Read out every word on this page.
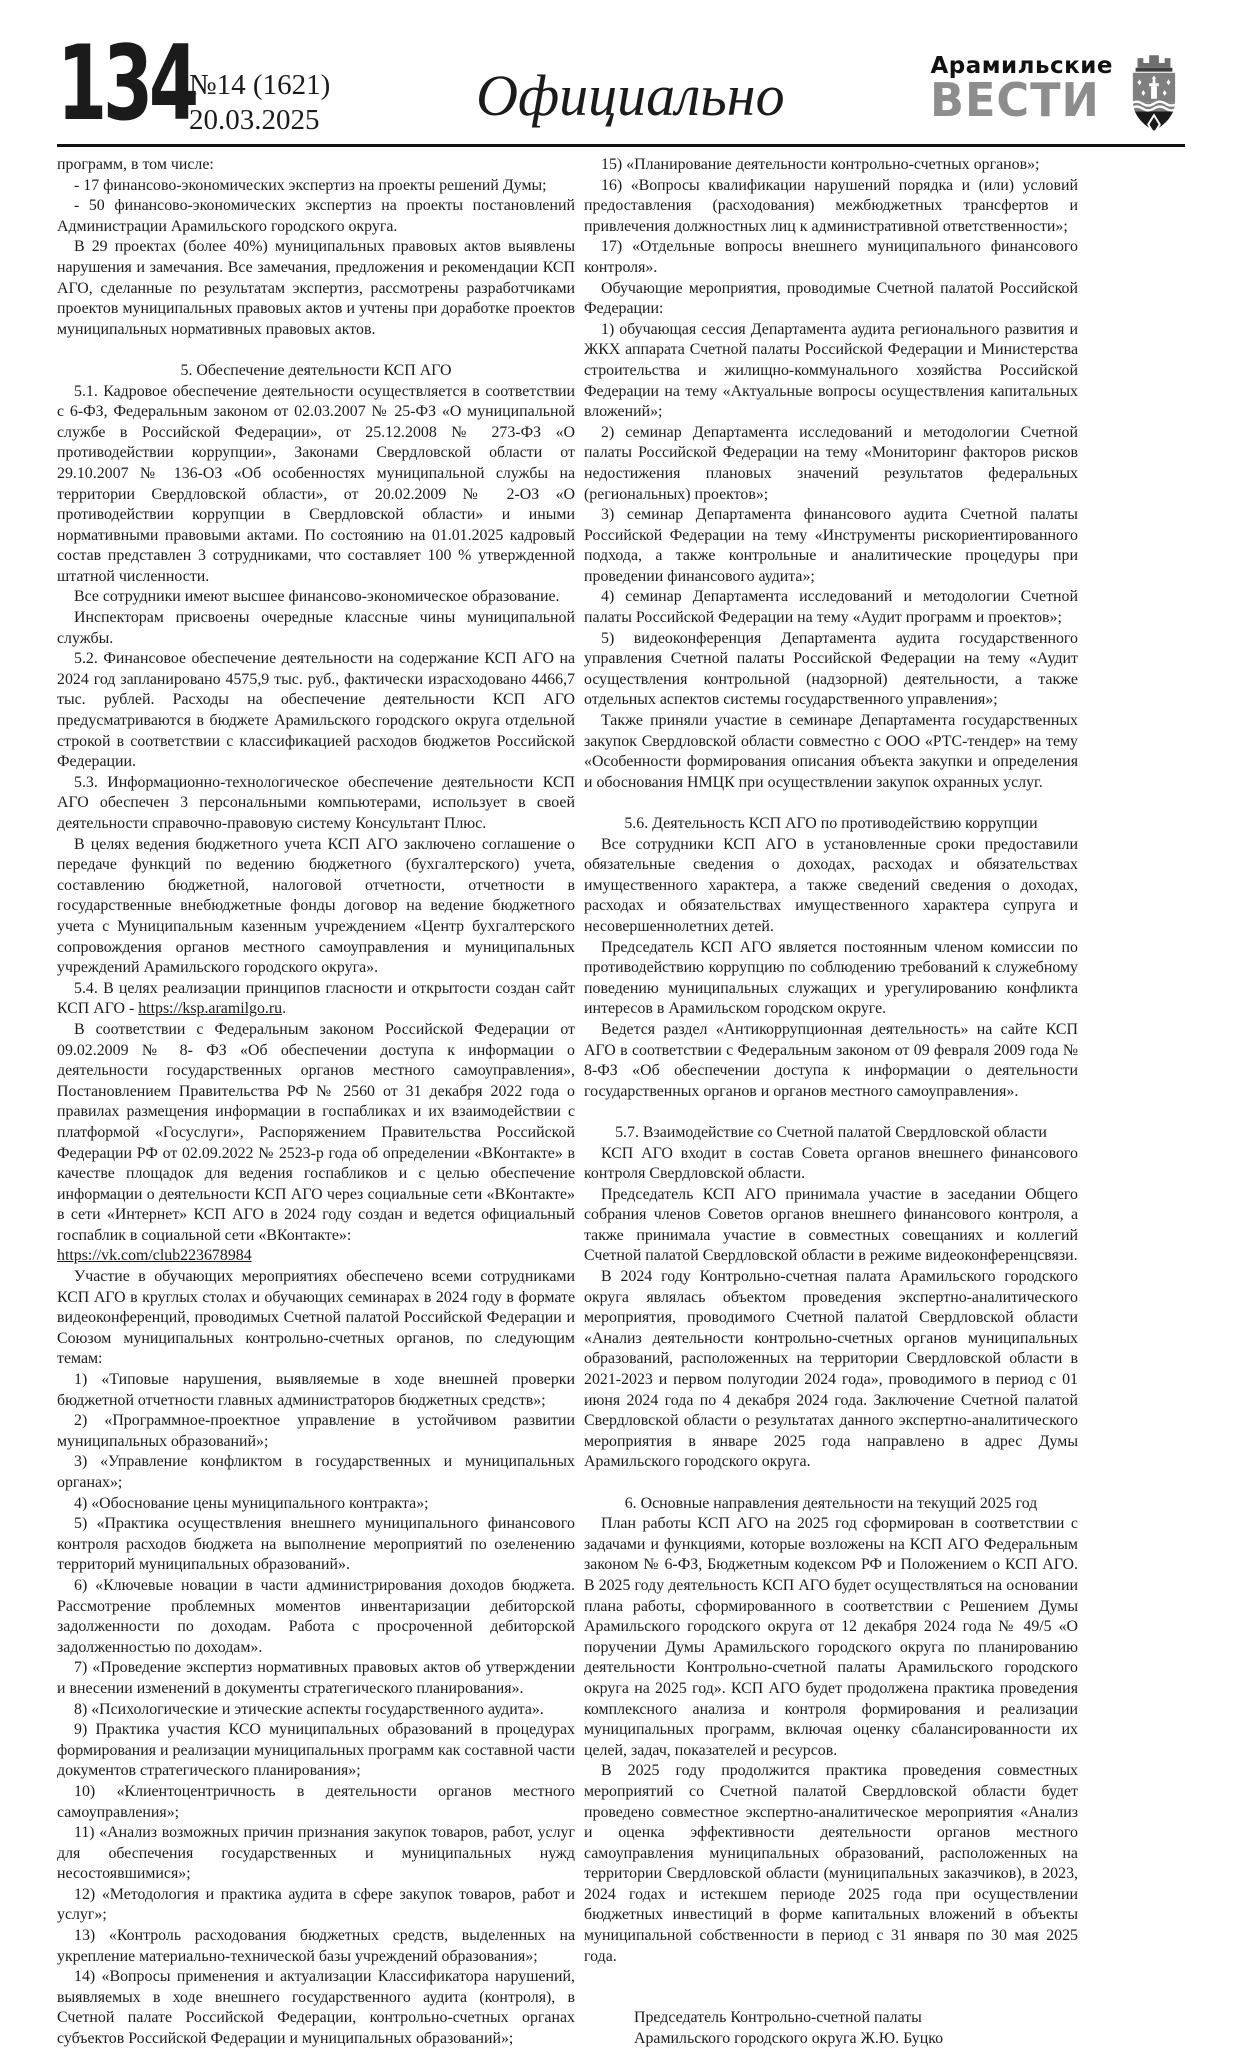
134
№14 (1621)
20.03.2025	Официально	Арамильские
ВЕСТИ

программ, в том числе:

- 17 финансово-экономических экспертиз на проекты решений Думы;

- 50 финансово-экономических экспертиз на проекты постановлений Администрации Арамильского городского округа.

В 29 проектах (более 40%) муниципальных правовых актов выявлены нарушения и замечания. Все замечания, предложения и рекомендации КСП АГО, сделанные по результатам экспертиз, рассмотрены разработчиками проектов муниципальных правовых актов и учтены при доработке проектов муниципальных нормативных правовых актов.

5. Обеспечение деятельности КСП АГО

5.1. Кадровое обеспечение деятельности осуществляется в соответствии с 6-ФЗ, Федеральным законом от 02.03.2007 № 25-ФЗ «О муниципальной службе в Российской Федерации», от 25.12.2008 № 273-ФЗ «О противодействии коррупции», Законами Свердловской области от 29.10.2007 № 136-ОЗ «Об особенностях муниципальной службы на территории Свердловской области», от 20.02.2009 № 2-ОЗ «О противодействии коррупции в Свердловской области» и иными нормативными правовыми актами. По состоянию на 01.01.2025 кадровый состав представлен 3 сотрудниками, что составляет 100 % утвержденной штатной численности.

Все сотрудники имеют высшее финансово-экономическое образование.

Инспекторам присвоены очередные классные чины муниципальной службы.

5.2. Финансовое обеспечение деятельности на содержание КСП АГО на 2024 год запланировано 4575,9 тыс. руб., фактически израсходовано 4466,7 тыс. рублей. Расходы на обеспечение деятельности КСП АГО предусматриваются в бюджете Арамильского городского округа отдельной строкой в соответствии с классификацией расходов бюджетов Российской Федерации.

5.3. Информационно-технологическое обеспечение деятельности КСП АГО обеспечен 3 персональными компьютерами, использует в своей деятельности справочно-правовую систему Консультант Плюс.

В целях ведения бюджетного учета КСП АГО заключено соглашение о передаче функций по ведению бюджетного (бухгалтерского) учета, составлению бюджетной, налоговой отчетности, отчетности в государственные внебюджетные фонды договор на ведение бюджетного учета с Муниципальным казенным учреждением «Центр бухгалтерского сопровождения органов местного самоуправления и муниципальных учреждений Арамильского городского округа».

5.4. В целях реализации принципов гласности и открытости создан сайт КСП АГО - https://ksp.aramilgo.ru.

В соответствии с Федеральным законом Российской Федерации от 09.02.2009 № 8- ФЗ «Об обеспечении доступа к информации о деятельности государственных органов местного самоуправления», Постановлением Правительства РФ № 2560 от 31 декабря 2022 года о правилах размещения информации в госпабликах и их взаимодействии с платформой «Госуслуги», Распоряжением Правительства Российской Федерации РФ от 02.09.2022 № 2523-р года об определении «ВКонтакте» в качестве площадок для ведения госпабликов и с целью обеспечение информации о деятельности КСП АГО через социальные сети «ВКонтакте» в сети «Интернет» КСП АГО в 2024 году создан и ведется официальный госпаблик в социальной сети «ВКонтакте»:

https://vk.com/club223678984

Участие в обучающих мероприятиях обеспечено всеми сотрудниками КСП АГО в круглых столах и обучающих семинарах в 2024 году в формате видеоконференций, проводимых Счетной палатой Российской Федерации и Союзом муниципальных контрольно-счетных органов, по следующим темам:

1) «Типовые нарушения, выявляемые в ходе внешней проверки бюджетной отчетности главных администраторов бюджетных средств»;

2) «Программное-проектное управление в устойчивом развитии муниципальных образований»;

3) «Управление конфликтом в государственных и муниципальных органах»;

4) «Обоснование цены муниципального контракта»;

5) «Практика осуществления внешнего муниципального финансового контроля расходов бюджета на выполнение мероприятий по озеленению территорий муниципальных образований».

6) «Ключевые новации в части администрирования доходов бюджета. Рассмотрение проблемных моментов инвентаризации дебиторской задолженности по доходам. Работа с просроченной дебиторской задолженностью по доходам».

7) «Проведение экспертиз нормативных правовых актов об утверждении и внесении изменений в документы стратегического планирования».

8) «Психологические и этические аспекты государственного аудита».

9) Практика участия КСО муниципальных образований в процедурах формирования и реализации муниципальных программ как составной части документов стратегического планирования»;

10) «Клиентоцентричность в деятельности органов местного самоуправления»;

11) «Анализ возможных причин признания закупок товаров, работ, услуг для обеспечения государственных и муниципальных нужд несостоявшимися»;

12) «Методология и практика аудита в сфере закупок товаров, работ и услуг»;

13) «Контроль расходования бюджетных средств, выделенных на укрепление материально-технической базы учреждений образования»;

14) «Вопросы применения и актуализации Классификатора нарушений, выявляемых в ходе внешнего государственного аудита (контроля), в Счетной палате Российской Федерации, контрольно-счетных органах субъектов Российской Федерации и муниципальных образований»;

15) «Планирование деятельности контрольно-счетных органов»;

16) «Вопросы квалификации нарушений порядка и (или) условий предоставления (расходования) межбюджетных трансфертов и привлечения должностных лиц к административной ответственности»;

17) «Отдельные вопросы внешнего муниципального финансового контроля».

Обучающие мероприятия, проводимые Счетной палатой Российской Федерации:

1) обучающая сессия Департамента аудита регионального развития и ЖКХ аппарата Счетной палаты Российской Федерации и Министерства строительства и жилищно-коммунального хозяйства Российской Федерации на тему «Актуальные вопросы осуществления капитальных вложений»;

2) семинар Департамента исследований и методологии Счетной палаты Российской Федерации на тему «Мониторинг факторов рисков недостижения плановых значений результатов федеральных (региональных) проектов»;

3) семинар Департамента финансового аудита Счетной палаты Российской Федерации на тему «Инструменты рискориентированного подхода, а также контрольные и аналитические процедуры при проведении финансового аудита»;

4) семинар Департамента исследований и методологии Счетной палаты Российской Федерации на тему «Аудит программ и проектов»;

5) видеоконференция Департамента аудита государственного управления Счетной палаты Российской Федерации на тему «Аудит осуществления контрольной (надзорной) деятельности, а также отдельных аспектов системы государственного управления»;

Также приняли участие в семинаре Департамента государственных закупок Свердловской области совместно с ООО «РТС-тендер» на тему «Особенности формирования описания объекта закупки и определения и обоснования НМЦК при осуществлении закупок охранных услуг.

5.6. Деятельность КСП АГО по противодействию коррупции

Все сотрудники КСП АГО в установленные сроки предоставили обязательные сведения о доходах, расходах и обязательствах имущественного характера, а также сведений сведения о доходах, расходах и обязательствах имущественного характера супруга и несовершеннолетних детей.

Председатель КСП АГО является постоянным членом комиссии по противодействию коррупцию по соблюдению требований к служебному поведению муниципальных служащих и урегулированию конфликта интересов в Арамильском городском округе.

Ведется раздел «Антикоррупционная деятельность» на сайте КСП АГО в соответствии с Федеральным законом от 09 февраля 2009 года № 8-ФЗ «Об обеспечении доступа к информации о деятельности государственных органов и органов местного самоуправления».

5.7. Взаимодействие со Счетной палатой Свердловской области

КСП АГО входит в состав Совета органов внешнего финансового контроля Свердловской области.

Председатель КСП АГО принимала участие в заседании Общего собрания членов Советов органов внешнего финансового контроля, а также принимала участие в совместных совещаниях и коллегий Счетной палатой Свердловской области в режиме видеоконференцсвязи.

В 2024 году Контрольно-счетная палата Арамильского городского округа являлась объектом проведения экспертно-аналитического мероприятия, проводимого Счетной палатой Свердловской области «Анализ деятельности контрольно-счетных органов муниципальных образований, расположенных на территории Свердловской области в 2021-2023 и первом полугодии 2024 года», проводимого в период с 01 июня 2024 года по 4 декабря 2024 года. Заключение Счетной палатой Свердловской области о результатах данного экспертно-аналитического мероприятия в январе 2025 года направлено в адрес Думы Арамильского городского округа.

6. Основные направления деятельности на текущий 2025 год

План работы КСП АГО на 2025 год сформирован в соответствии с задачами и функциями, которые возложены на КСП АГО Федеральным законом № 6-ФЗ, Бюджетным кодексом РФ и Положением о КСП АГО. В 2025 году деятельность КСП АГО будет осуществляться на основании плана работы, сформированного в соответствии с Решением Думы Арамильского городского округа от 12 декабря 2024 года № 49/5 «О поручении Думы Арамильского городского округа по планированию деятельности Контрольно-счетной палаты Арамильского городского округа на 2025 год». КСП АГО будет продолжена практика проведения комплексного анализа и контроля формирования и реализации муниципальных программ, включая оценку сбалансированности их целей, задач, показателей и ресурсов.

В 2025 году продолжится практика проведения совместных мероприятий со Счетной палатой Свердловской области будет проведено совместное экспертно-аналитическое мероприятия «Анализ и оценка эффективности деятельности органов местного самоуправления муниципальных образований, расположенных на территории Свердловской области (муниципальных заказчиков), в 2023, 2024 годах и истекшем периоде 2025 года при осуществлении бюджетных инвестиций в форме капитальных вложений в объекты муниципальной собственности в период с 31 января по 30 мая 2025 года.

Председатель Контрольно-счетной палаты

Арамильского городского округа Ж.Ю. Буцко
